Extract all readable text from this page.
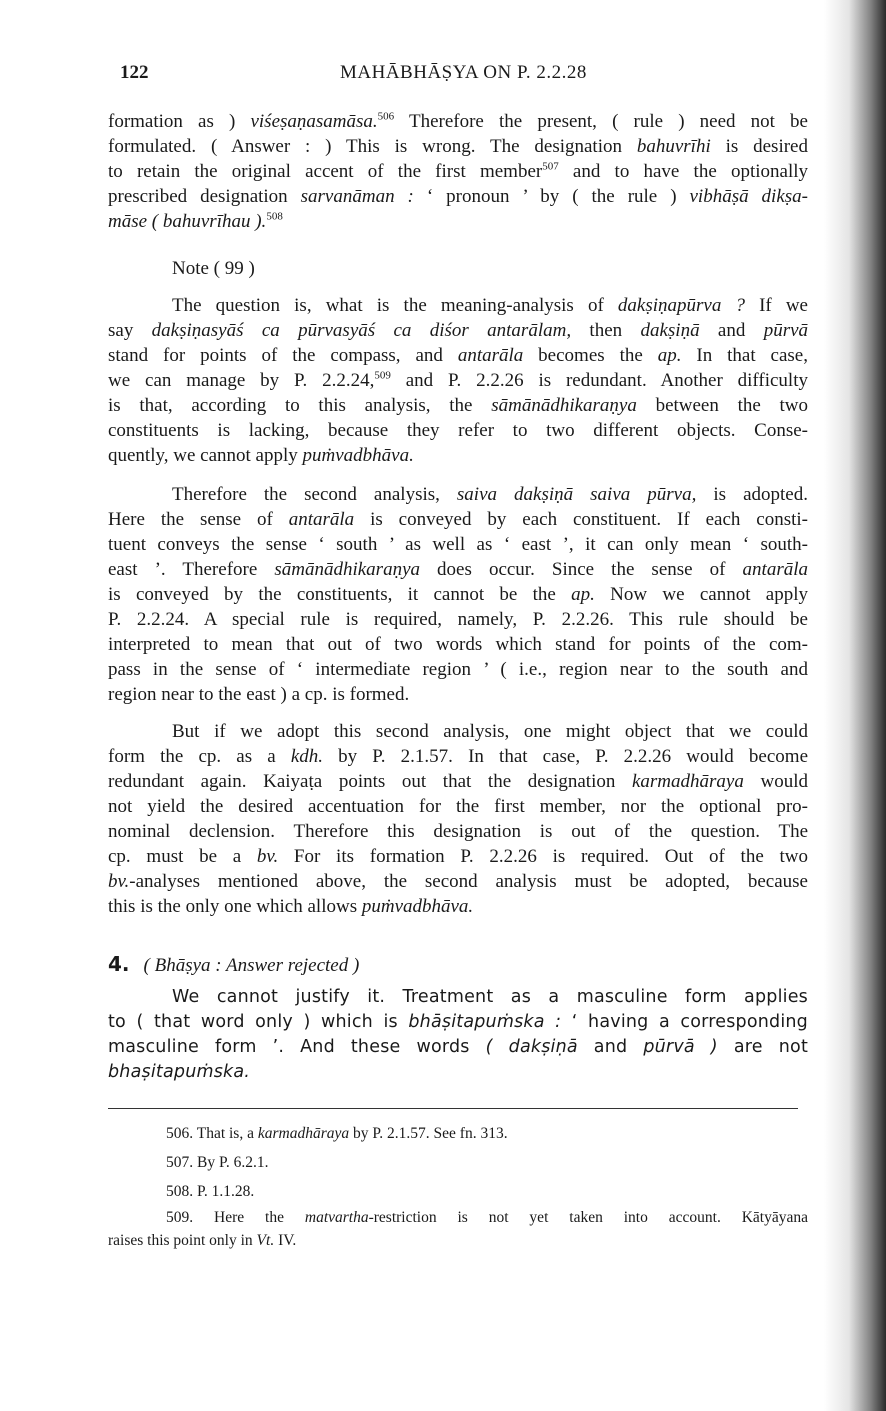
122	MAHĀBHĀṢYA ON P. 2.2.28
formation as ) viśeṣaṇasamāsa.$^{506}$ Therefore the present, ( rule ) need not be
formulated. ( Answer : ) This is wrong. The designation bahuvrīhi is desired
to retain the original accent of the first member$^{507}$ and to have the optionally
prescribed designation sarvanāman : ‘ pronoun ’ by ( the rule ) vibhāṣā dikṣa-
māse ( bahuvrīhau ).$^{508}$
Note ( 99 )
The question is, what is the meaning-analysis of dakṣiṇapūrva ? If we
say dakṣiṇasyāś ca pūrvasyāś ca diśor antarālam, then dakṣiṇā and pūrvā
stand for points of the compass, and antarāla becomes the ap. In that case,
we can manage by P. 2.2.24,$^{509}$ and P. 2.2.26 is redundant. Another difficulty
is that, according to this analysis, the sāmānādhikaraṇya between the two
constituents is lacking, because they refer to two different objects. Conse-
quently, we cannot apply puṁvadbhāva.
Therefore the second analysis, saiva dakṣiṇā saiva pūrva, is adopted.
Here the sense of antarāla is conveyed by each constituent. If each consti-
tuent conveys the sense ‘ south ’ as well as ‘ east ’, it can only mean ‘ south-
east ’. Therefore sāmānādhikaraṇya does occur. Since the sense of antarāla
is conveyed by the constituents, it cannot be the ap. Now we cannot apply
P. 2.2.24. A special rule is required, namely, P. 2.2.26. This rule should be
interpreted to mean that out of two words which stand for points of the com-
pass in the sense of ‘ intermediate region ’ ( i.e., region near to the south and
region near to the east ) a cp. is formed.
But if we adopt this second analysis, one might object that we could
form the cp. as a kdh. by P. 2.1.57. In that case, P. 2.2.26 would become
redundant again. Kaiyaṭa points out that the designation karmadhāraya would
not yield the desired accentuation for the first member, nor the optional pro-
nominal declension. Therefore this designation is out of the question. The
cp. must be a bv. For its formation P. 2.2.26 is required. Out of the two
bv.-analyses mentioned above, the second analysis must be adopted, because
this is the only one which allows puṁvadbhāva.
4. ( Bhāṣya : Answer rejected )
We cannot justify it. Treatment as a masculine form applies
to ( that word only ) which is bhāṣitapuṁska : ‘ having a corresponding
masculine form ’. And these words ( dakṣiṇā and pūrvā ) are not
bhaṣitapuṁska.
506. That is, a karmadhāraya by P. 2.1.57. See fn. 313.
507. By P. 6.2.1.
508. P. 1.1.28.
509. Here the matvartha-restriction is not yet taken into account. Kātyāyana
raises this point only in Vt. IV.
